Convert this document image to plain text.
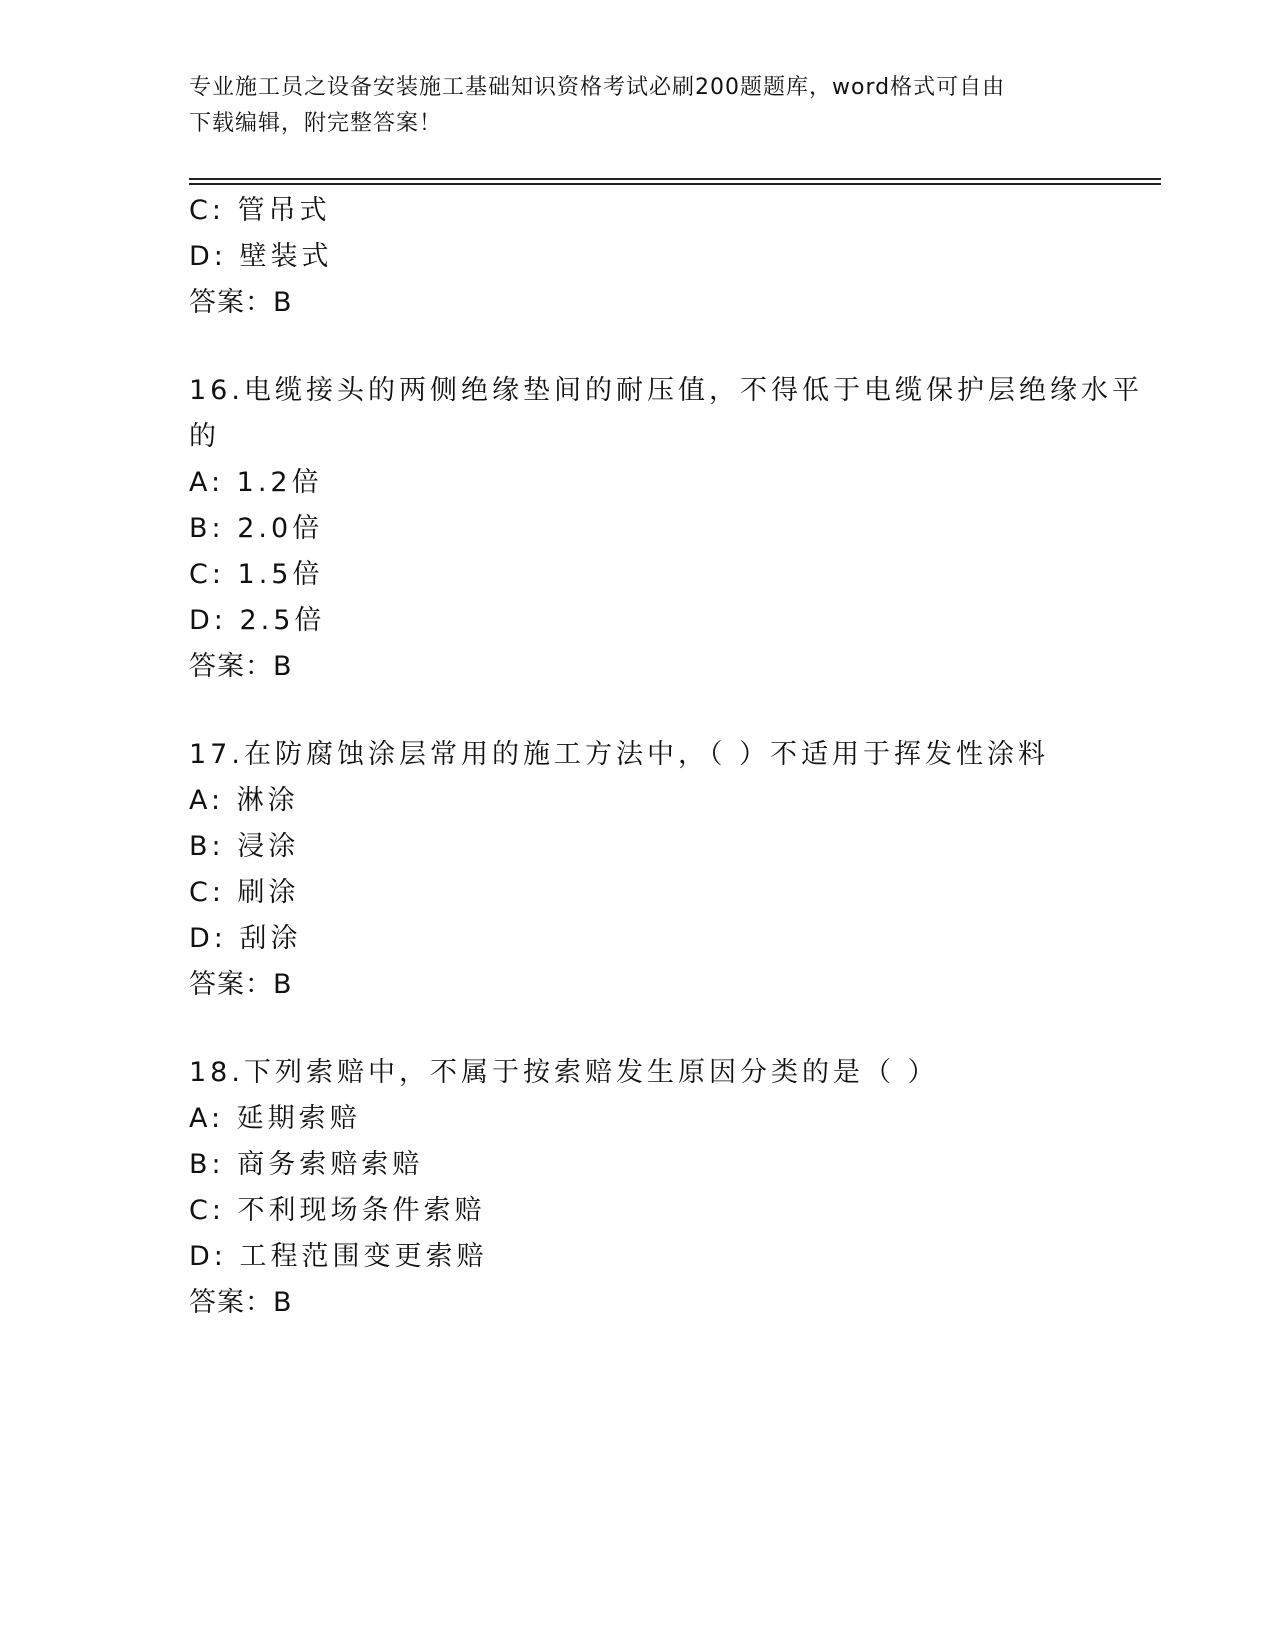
专业施工员之设备安装施工基础知识资格考试必刷200题题库，word格式可自由
下载编辑，附完整答案！
C: 管吊式
D: 壁装式
答案：B
16.电缆接头的两侧绝缘垫间的耐压值，不得低于电缆保护层绝缘水平
的
A: 1.2倍
B: 2.0倍
C: 1.5倍
D: 2.5倍
答案：B
17.在防腐蚀涂层常用的施工方法中，（ ）不适用于挥发性涂料
A: 淋涂
B: 浸涂
C: 刷涂
D: 刮涂
答案：B
18.下列索赔中，不属于按索赔发生原因分类的是（ ）
A: 延期索赔
B: 商务索赔索赔
C: 不利现场条件索赔
D: 工程范围变更索赔
答案：B
